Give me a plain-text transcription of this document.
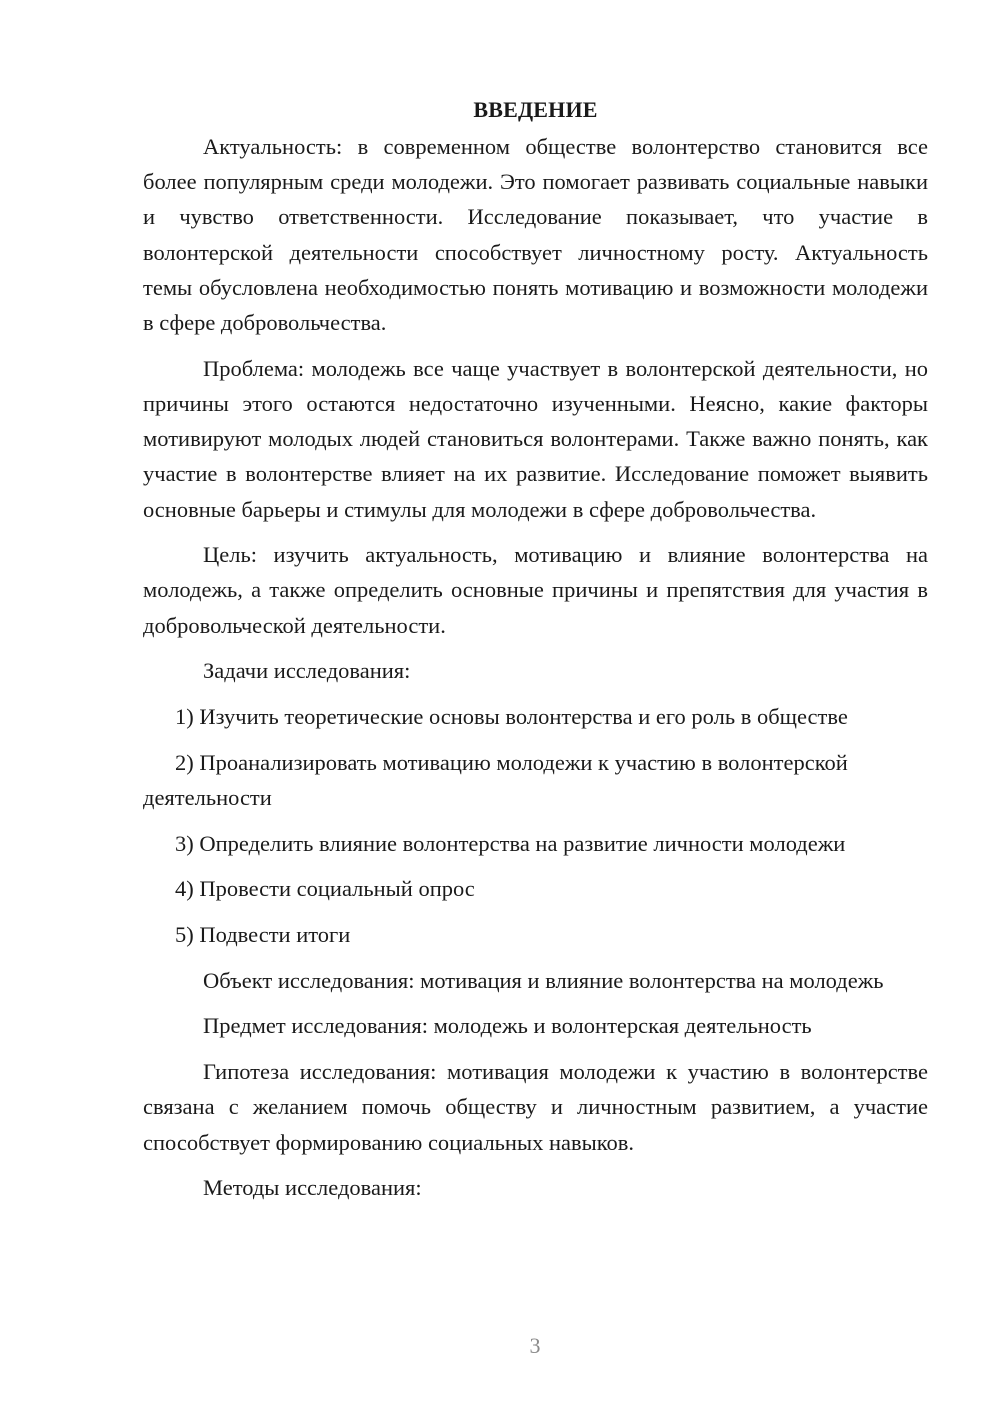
ВВЕДЕНИЕ

Актуальность: в современном обществе волонтерство становится все более популярным среди молодежи. Это помогает развивать социальные навыки и чувство ответственности. Исследование показывает, что участие в волонтерской деятельности способствует личностному росту. Актуальность темы обусловлена необходимостью понять мотивацию и возможности молодежи в сфере добровольчества.

Проблема: молодежь все чаще участвует в волонтерской деятельности, но причины этого остаются недостаточно изученными. Неясно, какие факторы мотивируют молодых людей становиться волонтерами. Также важно понять, как участие в волонтерстве влияет на их развитие. Исследование поможет выявить основные барьеры и стимулы для молодежи в сфере добровольчества.

Цель: изучить актуальность, мотивацию и влияние волонтерства на молодежь, а также определить основные причины и препятствия для участия в добровольческой деятельности.

Задачи исследования:

1) Изучить теоретические основы волонтерства и его роль в обществе

2) Проанализировать мотивацию молодежи к участию в волонтерской деятельности

3) Определить влияние волонтерства на развитие личности молодежи

4) Провести социальный опрос

5) Подвести итоги

Объект исследования: мотивация и влияние волонтерства на молодежь

Предмет исследования: молодежь и волонтерская деятельность

Гипотеза исследования: мотивация молодежи к участию в волонтерстве связана с желанием помочь обществу и личностным развитием, а участие способствует формированию социальных навыков.

Методы исследования:

3
